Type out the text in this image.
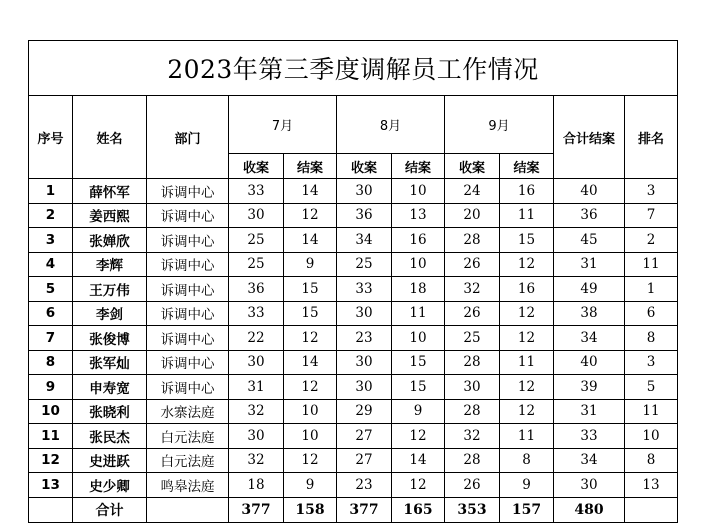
2023年第三季度调解员工作情况										
序号	姓名	部门	7月		8月		9月		合计结案	排名
			收案	结案	收案	结案	收案	结案		
1	薛怀军	诉调中心	33	14	30	10	24	16	40	3
2	姜西熙	诉调中心	30	12	36	13	20	11	36	7
3	张婵欣	诉调中心	25	14	34	16	28	15	45	2
4	李辉	诉调中心	25	9	25	10	26	12	31	11
5	王万伟	诉调中心	36	15	33	18	32	16	49	1
6	李剑	诉调中心	33	15	30	11	26	12	38	6
7	张俊博	诉调中心	22	12	23	10	25	12	34	8
8	张军灿	诉调中心	30	14	30	15	28	11	40	3
9	申寿宽	诉调中心	31	12	30	15	30	12	39	5
10	张晓利	水寨法庭	32	10	29	9	28	12	31	11
11	张民杰	白元法庭	30	10	27	12	32	11	33	10
12	史进跃	白元法庭	32	12	27	14	28	8	34	8
13	史少卿	鸣皋法庭	18	9	23	12	26	9	30	13
	合计		377	158	377	165	353	157	480	
